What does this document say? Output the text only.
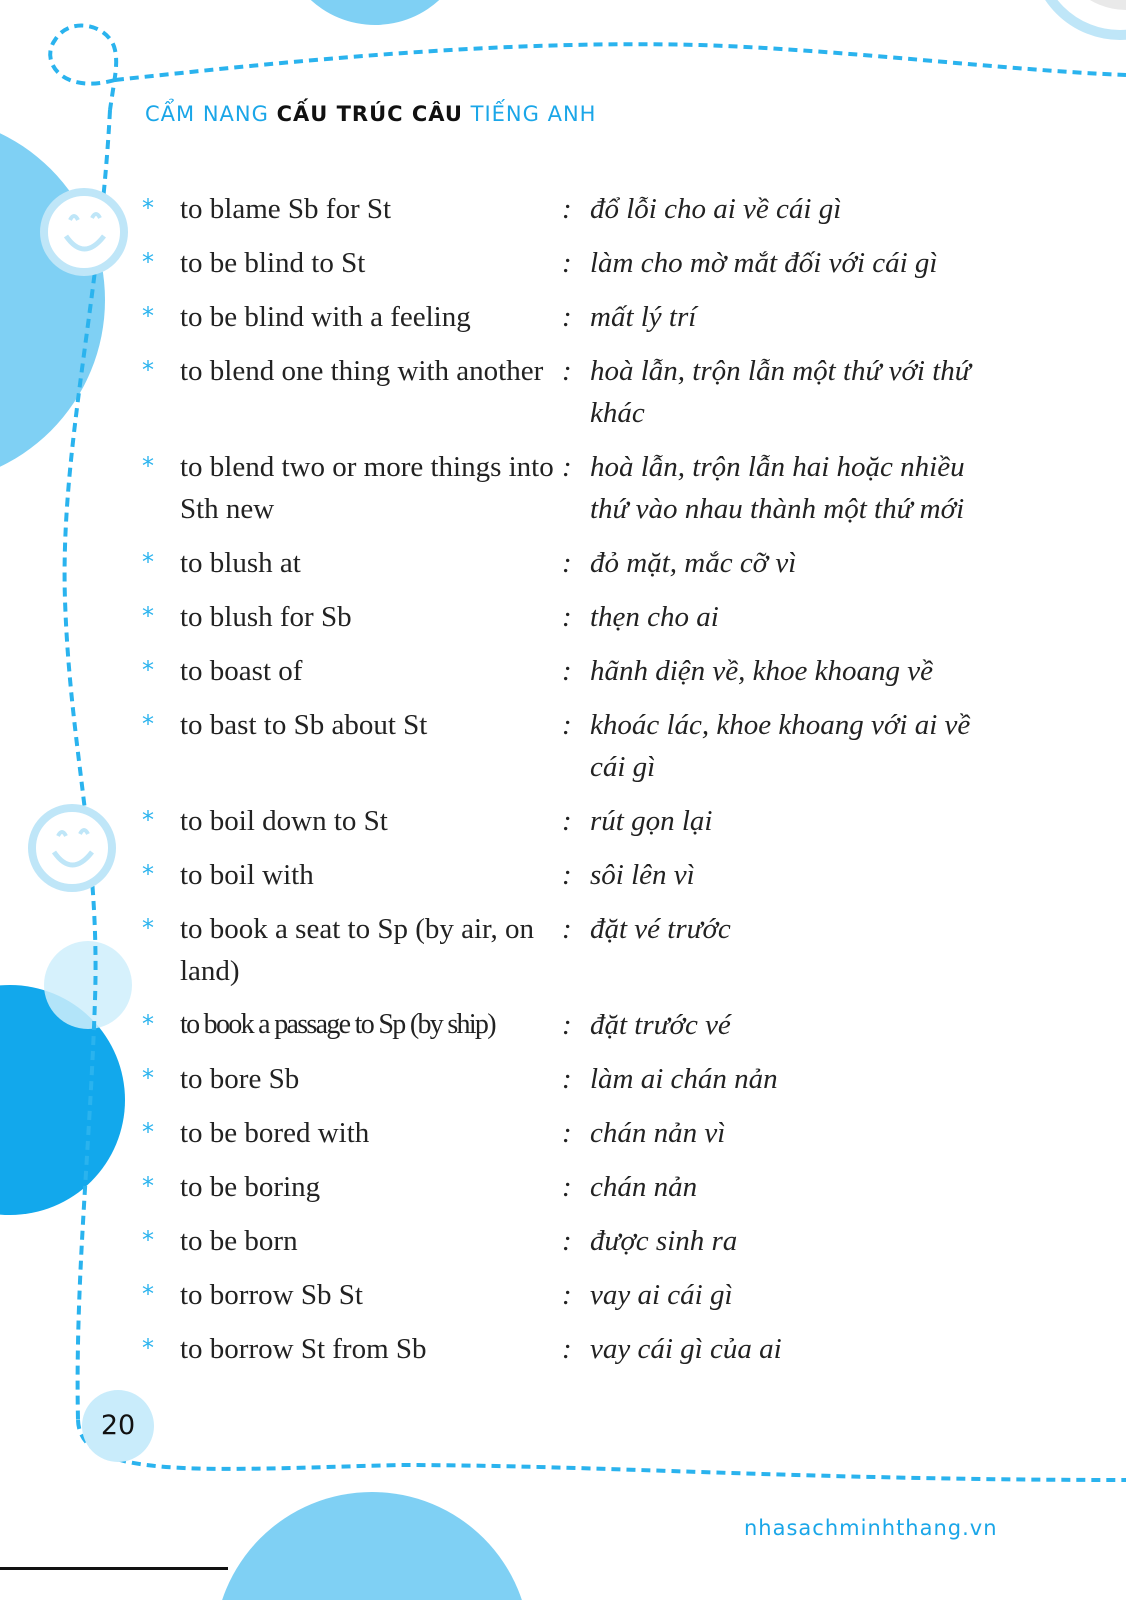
CẨM NANG CẤU TRÚC CÂU TIẾNG ANH
* to blame Sb for St	: đổ lỗi cho ai về cái gì
* to be blind to St	: làm cho mờ mắt đối với cái gì
* to be blind with a feeling	: mất lý trí
* to blend one thing with another : hoà lẫn, trộn lẫn một thứ với thứ khác
* to blend two or more things into Sth new
: hoà lẫn, trộn lẫn hai hoặc nhiều thứ vào nhau thành một thứ mới
* to blush at	: đỏ mặt, mắc cỡ vì
* to blush for Sb	: thẹn cho ai
* to boast of	: hãnh diện về, khoe khoang về
* to bast to Sb about St	: khoác lác, khoe khoang với ai về cái gì
* to boil down to St	: rút gọn lại
* to boil with	: sôi lên vì
* to book a seat to Sp (by air, on land)
: đặt vé trước
* to book a passage to Sp (by ship)	: đặt trước vé
* to bore Sb	: làm ai chán nản
* to be bored with	: chán nản vì
* to be boring	: chán nản
* to be born	: được sinh ra
* to borrow Sb St	: vay ai cái gì
* to borrow St from Sb	: vay cái gì của ai
20
nhasachminhthang.vn
